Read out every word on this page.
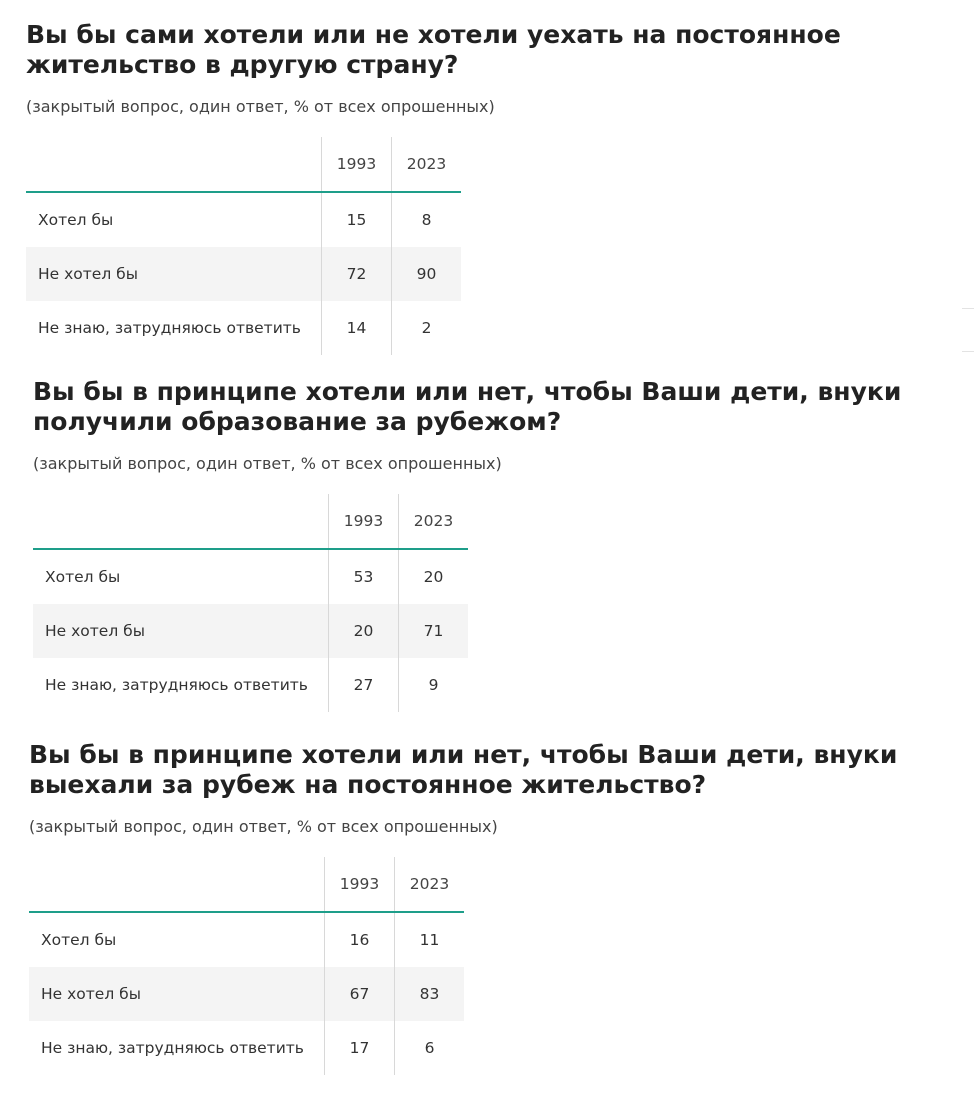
Вы бы сами хотели или не хотели уехать на постоянное жительство в другую страну?
(закрытый вопрос, один ответ, % от всех опрошенных)
	1993	2023
Хотел бы	15	8
Не хотел бы	72	90
Не знаю, затрудняюсь ответить	14	2
Вы бы в принципе хотели или нет, чтобы Ваши дети, внуки получили образование за рубежом?
(закрытый вопрос, один ответ, % от всех опрошенных)
	1993	2023
Хотел бы	53	20
Не хотел бы	20	71
Не знаю, затрудняюсь ответить	27	9
Вы бы в принципе хотели или нет, чтобы Ваши дети, внуки выехали за рубеж на постоянное жительство?
(закрытый вопрос, один ответ, % от всех опрошенных)
	1993	2023
Хотел бы	16	11
Не хотел бы	67	83
Не знаю, затрудняюсь ответить	17	6
